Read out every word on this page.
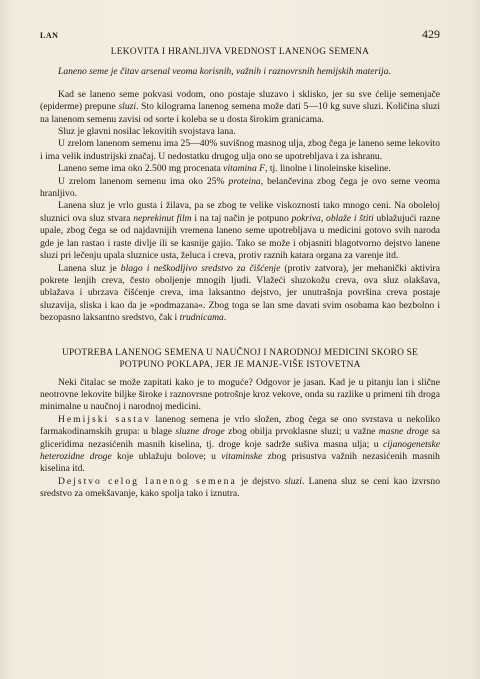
LAN	429
LEKOVITA I HRANLJIVA VREDNOST LANENOG SEMENA
Laneno seme je čitav arsenal veoma korisnih, važnih i raznovrsnih hemijskih materija.

Kad se laneno seme pokvasi vodom, ono postaje sluzavo i sklisko, jer su sve ćelije semenjače (epiderme) prepune sluzi. Sto kilograma lanenog semena može dati 5—10 kg suve sluzi. Količina sluzi na lanenom semenu zavisi od sorte i koleba se u dosta širokim granicama.

Sluz je glavni nosilac lekovitih svojstava lana.

U zrelom lanenom semenu ima 25—40% suvišnog masnog ulja, zbog čega je laneno seme lekovito i ima velik industrijski značaj. U nedostatku drugog ulja ono se upotrebljava i za ishranu.

Laneno seme ima oko 2.500 mg procenata vitamina F, tj. linolne i linoleinske kiseline.

U zrelom lanenom semenu ima oko 25% proteina, belančevina zbog čega je ovo seme veoma hranljivo.

Lanena sluz je vrlo gusta i žilava, pa se zbog te velike viskoznosti tako mnogo ceni. Na oboleloj sluznici ova sluz stvara neprekinut film i na taj način je potpuno pokriva, oblaže i štiti ublažujući razne upale, zbog čega se od najdavnijih vremena laneno seme upotrebljava u medicini gotovo svih naroda gde je lan rastao i raste divlje ili se kasnije gajio. Tako se može i objasniti blagotvorno dejstvo lanene sluzi pri lečenju upala sluznice usta, želuca i creva, protiv raznih katara organa za varenje itd.

Lanena sluz je blago i neškodljivo sredstvo za čišćenje (protiv zatvora), jer mehanički aktivira pokrete lenjih creva, često oboljenje mnogih ljudi. Vlažeći sluzokožu creva, ova sluz olakšava, ublažava i ubrzava čišćenje creva, ima laksantno dejstvo, jer unutrašnja površina creva postaje sluzavija, sliska i kao da je »podmazana«. Zbog toga se lan sme davati svim osobama kao bezbolno i bezopasno laksantno sredstvo, čak i trudnicama.

UPOTREBA LANENOG SEMENA U NAUČNOJ I NARODNOJ MEDICINI SKORO SE POTPUNO POKLAPA, JER JE MANJE-VIŠE ISTOVETNA

Neki čitalac se može zapitati kako je to moguće? Odgovor je jasan. Kad je u pitanju lan i slične neotrovne lekovite biljke široke i raznovrsne potrošnje kroz vekove, onda su razlike u primeni tih droga minimalne u naučnoj i narodnoj medicini.

Hemijski sastav lanenog semena je vrlo složen, zbog čega se ono svrstava u nekoliko farmakodinamskih grupa: u blage sluzne droge zbog obilja prvoklasne sluzi; u važne masne droge sa gliceridima nezasićenih masnih kiselina, tj. droge koje sadrže sušiva masna ulja; u cijanogenetske heterozidne droge koje ublažuju bolove; u vitaminske zbog prisustva važnih nezasićenih masnih kiselina itd.

Dejstvo celog lanenog semena je dejstvo sluzi. Lanena sluz se ceni kao izvrsno sredstvo za omekšavanje, kako spolja tako i iznutra.
